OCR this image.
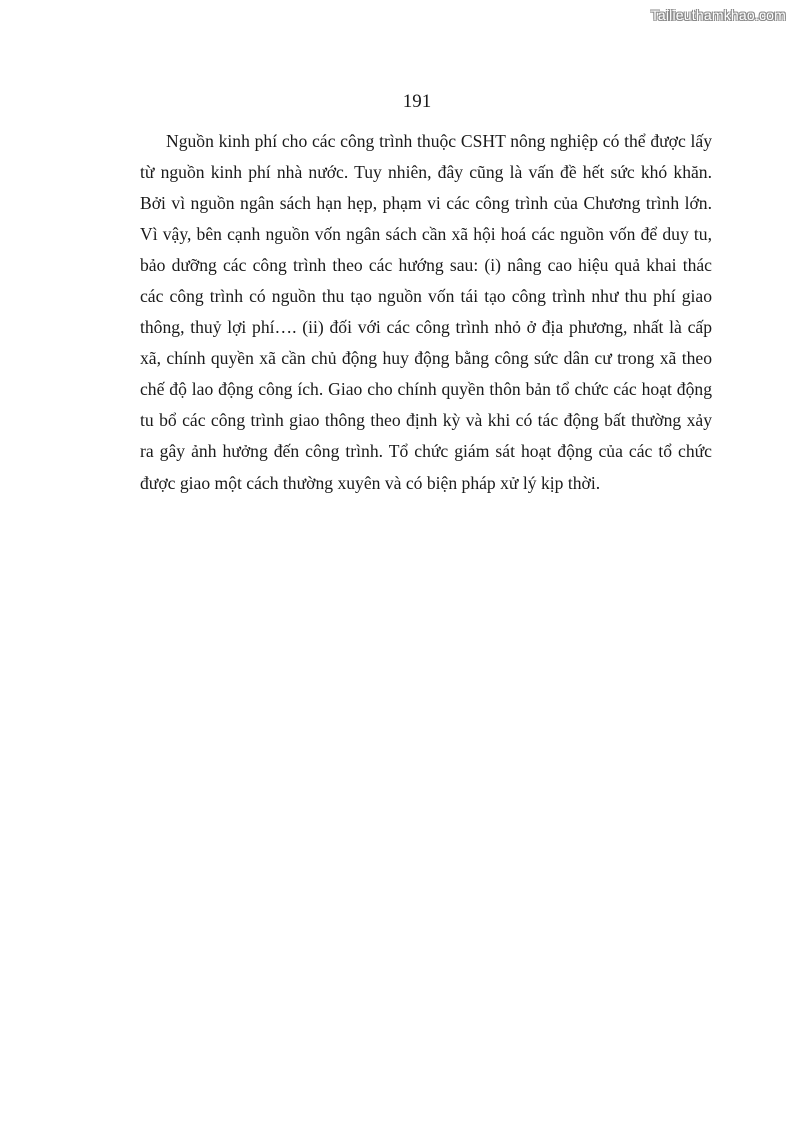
Tailieuthamkhao.com
191

Nguồn kinh phí cho các công trình thuộc CSHT nông nghiệp có thể được lấy từ nguồn kinh phí nhà nước. Tuy nhiên, đây cũng là vấn đề hết sức khó khăn. Bởi vì nguồn ngân sách hạn hẹp, phạm vi các công trình của Chương trình lớn. Vì vậy, bên cạnh nguồn vốn ngân sách cần xã hội hoá các nguồn vốn để duy tu, bảo dưỡng các công trình theo các hướng sau: (i) nâng cao hiệu quả khai thác các công trình có nguồn thu tạo nguồn vốn tái tạo công trình như thu phí giao thông, thuỷ lợi phí…. (ii) đối với các công trình nhỏ ở địa phương, nhất là cấp xã, chính quyền xã cần chủ động huy động bằng công sức dân cư trong xã theo chế độ lao động công ích. Giao cho chính quyền thôn bản tổ chức các hoạt động tu bổ các công trình giao thông theo định kỳ và khi có tác động bất thường xảy ra gây ảnh hưởng đến công trình. Tổ chức giám sát hoạt động của các tổ chức được giao một cách thường xuyên và có biện pháp xử lý kịp thời.
